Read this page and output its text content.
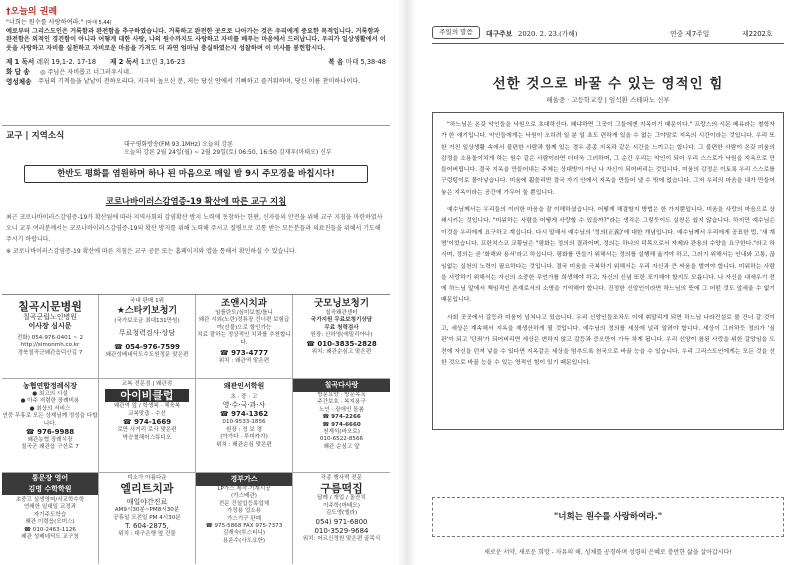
†오늘의 권례
"너희는 원수를 사랑하여라." (마태 5,44)
예로부터 그리스도인은 거룩함과 완전함을 추구하였습니다. 거룩하고 완전한 곳으로 나아가는 것은 우리에게 중요한 목적입니다. 거룩함과 완전함은 외적인 경건함이 아니라 어떻게 대한 사랑, 나의 원수까지도 사랑하고 자비를 베푸는 마음에서 드러납니다. 우리가 일상생활에서 이웃을 사랑하고 자비를 실천하고 자비로운 마음을 가져도 더 과연 엄마님 충실하였는지 성찰하며 이 미사를 봉헌합시다.
제 1 독서 레위 19,1-2. 17-18 제 2 독서 1코린 3,16-23	복 음 마태 5,38-48
화 답 송 ◎ 주님은 자비롭고 너그러우시네.
영성체송	주님의 기적들을 낱낱이 전하오리다. 지극히 높으신 분, 저는 당신 안에서 기뻐하고 즐거워하며, 당신 이름 찬미하나이다.
교구 | 지역소식
대구평화방송(FM 93.1MHz) 오늘의 강론
오늘의 강론 2월 24일(월) ~ 2월 29일(토) 06:50, 16:50 김재우(마태오) 신부
한반도 평화를 염원하며 하나 된 마음으로 매일 밤 9시 주모경을 바칩시다!
코로나바이러스감염증-19 확산에 따른 교구 지침
최근 코로나바이러스감염증-19가 확산됨에 따라 지역사회의 감염확산 방지 노력에 동참하는 한편, 신자들의 안전을 위해 교구 지침을 마련하였사오니 교우 여러분께서는 코로나바이러스감염증-19의 확산 방지를 위해 노력해 주시고 질병으로 고통 받는 모든분들과 의료진들을 위해서 기도해 주시기 바랍니다.
※ 코로나바이러스감염증-19 확산에 따른 지침은 교구 공문 또는 홈페이지와 앱을 통해서 확인하실 수 있습니다.
칠곡시문병원
칠곡군립노인병원
이사장 심시문
전화) 054-976-0401 ~ 2
http://simonmh.co.kr
경북칠곡군왜관읍덕산길 7
국내 판매 1위
★스타키보청기
(국가보조금 최대131만원)
무료청력검사·상담
☎ 054-976-7599
왜관성베네딕도수도원정문 맞은편
조앤시치과
임플란트/심미보철/틀니
왜관 시외(노란)정류장 건너편 보험급여(선불)으로 할인가능
치료 잘하는 정상적인 치과를 추천합니다.
☎ 973-4777
위치 : 왜관역 맞은편
굿모닝보청기
칠곡왜관센터
국가지원 무료보청기상담
무료 청력검사
원장: 신하영(에밀리아나)
☎ 010-3835-2828
위치: 왜관순심고 맞은편
농협연합정례식장
● 최고의 시설
● 아주 저렴한 장례비용
● 최상의 서비스
연중 무휴로 모든 상제님께 정성을 다합니다.
☎ 976-9988
왜관농협 장례식장
칠곡군 왜관읍 구산로 7
교복 전문점 | 왜관점
아이비클럽
왜관역 앞 / 학생복 · 체육복
교복맞춤 · 수선
☎ 974-1669
로만 사거리 로사 맞은편
박승철헤어스튜디오
왜관인서학원
초 · 중 · 고
영·수·국·과·사
☎ 974-1362
010-9533-1856
원장 : 정 보 경
(아가다 · 루미카가)
위치 : 왜관순심 맞은편
칠곡다사랑
방문요양 · 방문목욕
주간보호 · 복지용구
노인 · 장애인 돌봄
☎ 974-2266
☎ 974-6660
천재석(바오로)
010-6522-8566
왜관 순심고 앞
통문장 영어
김명 수학학원
초중고 실생영어/서교학수학
연쇄한 일대일 교정과
자기주도학습
왜관 이령읍(모미스)
☎ 010-2463-1126
왜관 성베네딕도 교구청
미소가 아름다운
엘리트치과
매일야간진료
AM9시30분~PM8시30분
공휴일 오전일 PM 4시30분
T. 604-2875,
위치 : 대구은행 옆 건물
경부가스
LP가스 제작·기계시공
(가스배관)
전문 건설업등록업체
가정용 업소용
가스기구 판매
☎ 975-5868 FAX 975-7373
김재숙(루스티니)
용운수(사도요한)
각종 행사떡 전문
구름떡집
답례 / 개업 / 돌잔치
이주학(마태오)
김도영(엘라)
054) 971-6800
010-3529-9684
위치: 어르신정원 맞은편 골목식
주일의 말씀	대구주보 2020. 2. 23.(가해)	연중 제7주일	제2202호
선한 것으로 바꿀 수 있는 영적인 힘
해울중 · 고등학교장 | 임석환 스테파노 신부

"하느님은 온갖 악인들을 낙원으로 초대하신다. 왜냐하면 그곳이 그들에겐 지옥이기 때문이다." 프랑스의 시몬 베유라는 철학자가 한 얘기입니다. 악인들에게는 낙원이 오히려 일 분 일 초도 편하게 있을 수 없는 그야말로 지옥의 시간이라는 것입니다. 우리 또한 거친 일상생활 속에서 불편한 사람과 함께 있는 경우 종종 지옥과 같은 시간을 느끼고는 합니다. 그 불편한 사람이 온갖 미움의 감정을 소용돌이치게 하는 원수 같은 사람이라면 더더욱 그러하며, 그 순간 우리는 악인이 되어 우리 스스로가 낙원을 지옥으로 만들어버립니다. 결국 지옥을 만들어내는 주체는 상대방이 아닌 나 자신이 되어버리는 것입니다. 미움의 감정은 이토록 우리 스스로를 구렁텅이로 몰아넣습니다. 미움에 휩쓸리면 결국 자기 안에서 지옥을 만들어 낼 수 밖에 없습니다. 그저 우리의 마음을 내가 만들어 놓은 지옥이라는 공간에 가두어 둘 뿐입니다.

예수님께서는 우리들의 이러한 마음을 잘 이해하셨습니다. 어떻게 해결할지 방법은 한 가지뿐입니다. 미움을 사랑의 마음으로 상쇄시키는 것입니다. "미워하는 사람을 어떻게 사랑할 수 있을까?"라는 생각은 그렇듯이도 실천은 쉽지 않습니다. 하지만 예수님은 이것을 우리에게 요구하고 계십니다. 다시 말해서 예수님의 '정의(正義)'에 대한 개념입니다. 예수님께서 우리에게 공표한 법, '새 계명'이었습니다. 프란치스코 교황님은 "평화는 정의의 결과이며, 정의는 하나의 덕목으로서 자제와 관용의 수양을 요구한다."라고 하시며, 정의는 곧 '화해와 용서'라고 하십니다. 평화를 만들기 위해서는 정의를 실행해 옮겨야 하고, 그러기 위해서는 인내와 고통, 끊임없는 실천의 노력이 필요하다는 것입니다. 결국 미움을 극복하기 위해서는 우리 자신과 큰 싸움을 벌여야 합니다. 미워하는 사람을 사랑하기 위해서는 자신의 소중한 무언가를 희생해야 하고, 자신의 신념 또한 포기해야 할지도 모릅니다. 나 자신을 내세우기 전에 하느님 앞에서 책임적인 존재로서의 소명을 기억해야 합니다. 진정한 신앙인이라면 하느님의 뜻에 그 어떤 것도 앞세울 수 없기 때문입니다.

사회 곳곳에서 갈등과 미움이 넘쳐나고 있습니다. 우리 신앙인들조차도 이에 휘말리게 되면 하느님 나라건설로 볼 건너 갈 것이고, 세상은 계속해서 지옥을 재생산하게 될 것입니다. 예수님의 정의를 세상에 널리 알려야 합니다. 세상이 그러하듯 정의가 '심판'이 되고 '단죄'가 되어버리면 세상은 변하지 않고 갈등과 증오만이 가득 차게 됩니다. 우리 신앙이 참된 사랑을 위한 갈망임을 도전에 자신을 던져 넣을 수 있다면 지옥같은 세상을 멈추도록 천국으로 바꿀 능을 수 있습니다. 우리 그리스도인에게는 모든 것을 선한 것으로 바꿀 능을 수 있는 영적인 힘이 있기 때문입니다.

"너희는 원수를 사랑하여라."
새로운 서약, 새로운 희망 - 자유의 해, 성체를 공경하며 성령의 은혜로 충만한 삶을 살아갑시다!
